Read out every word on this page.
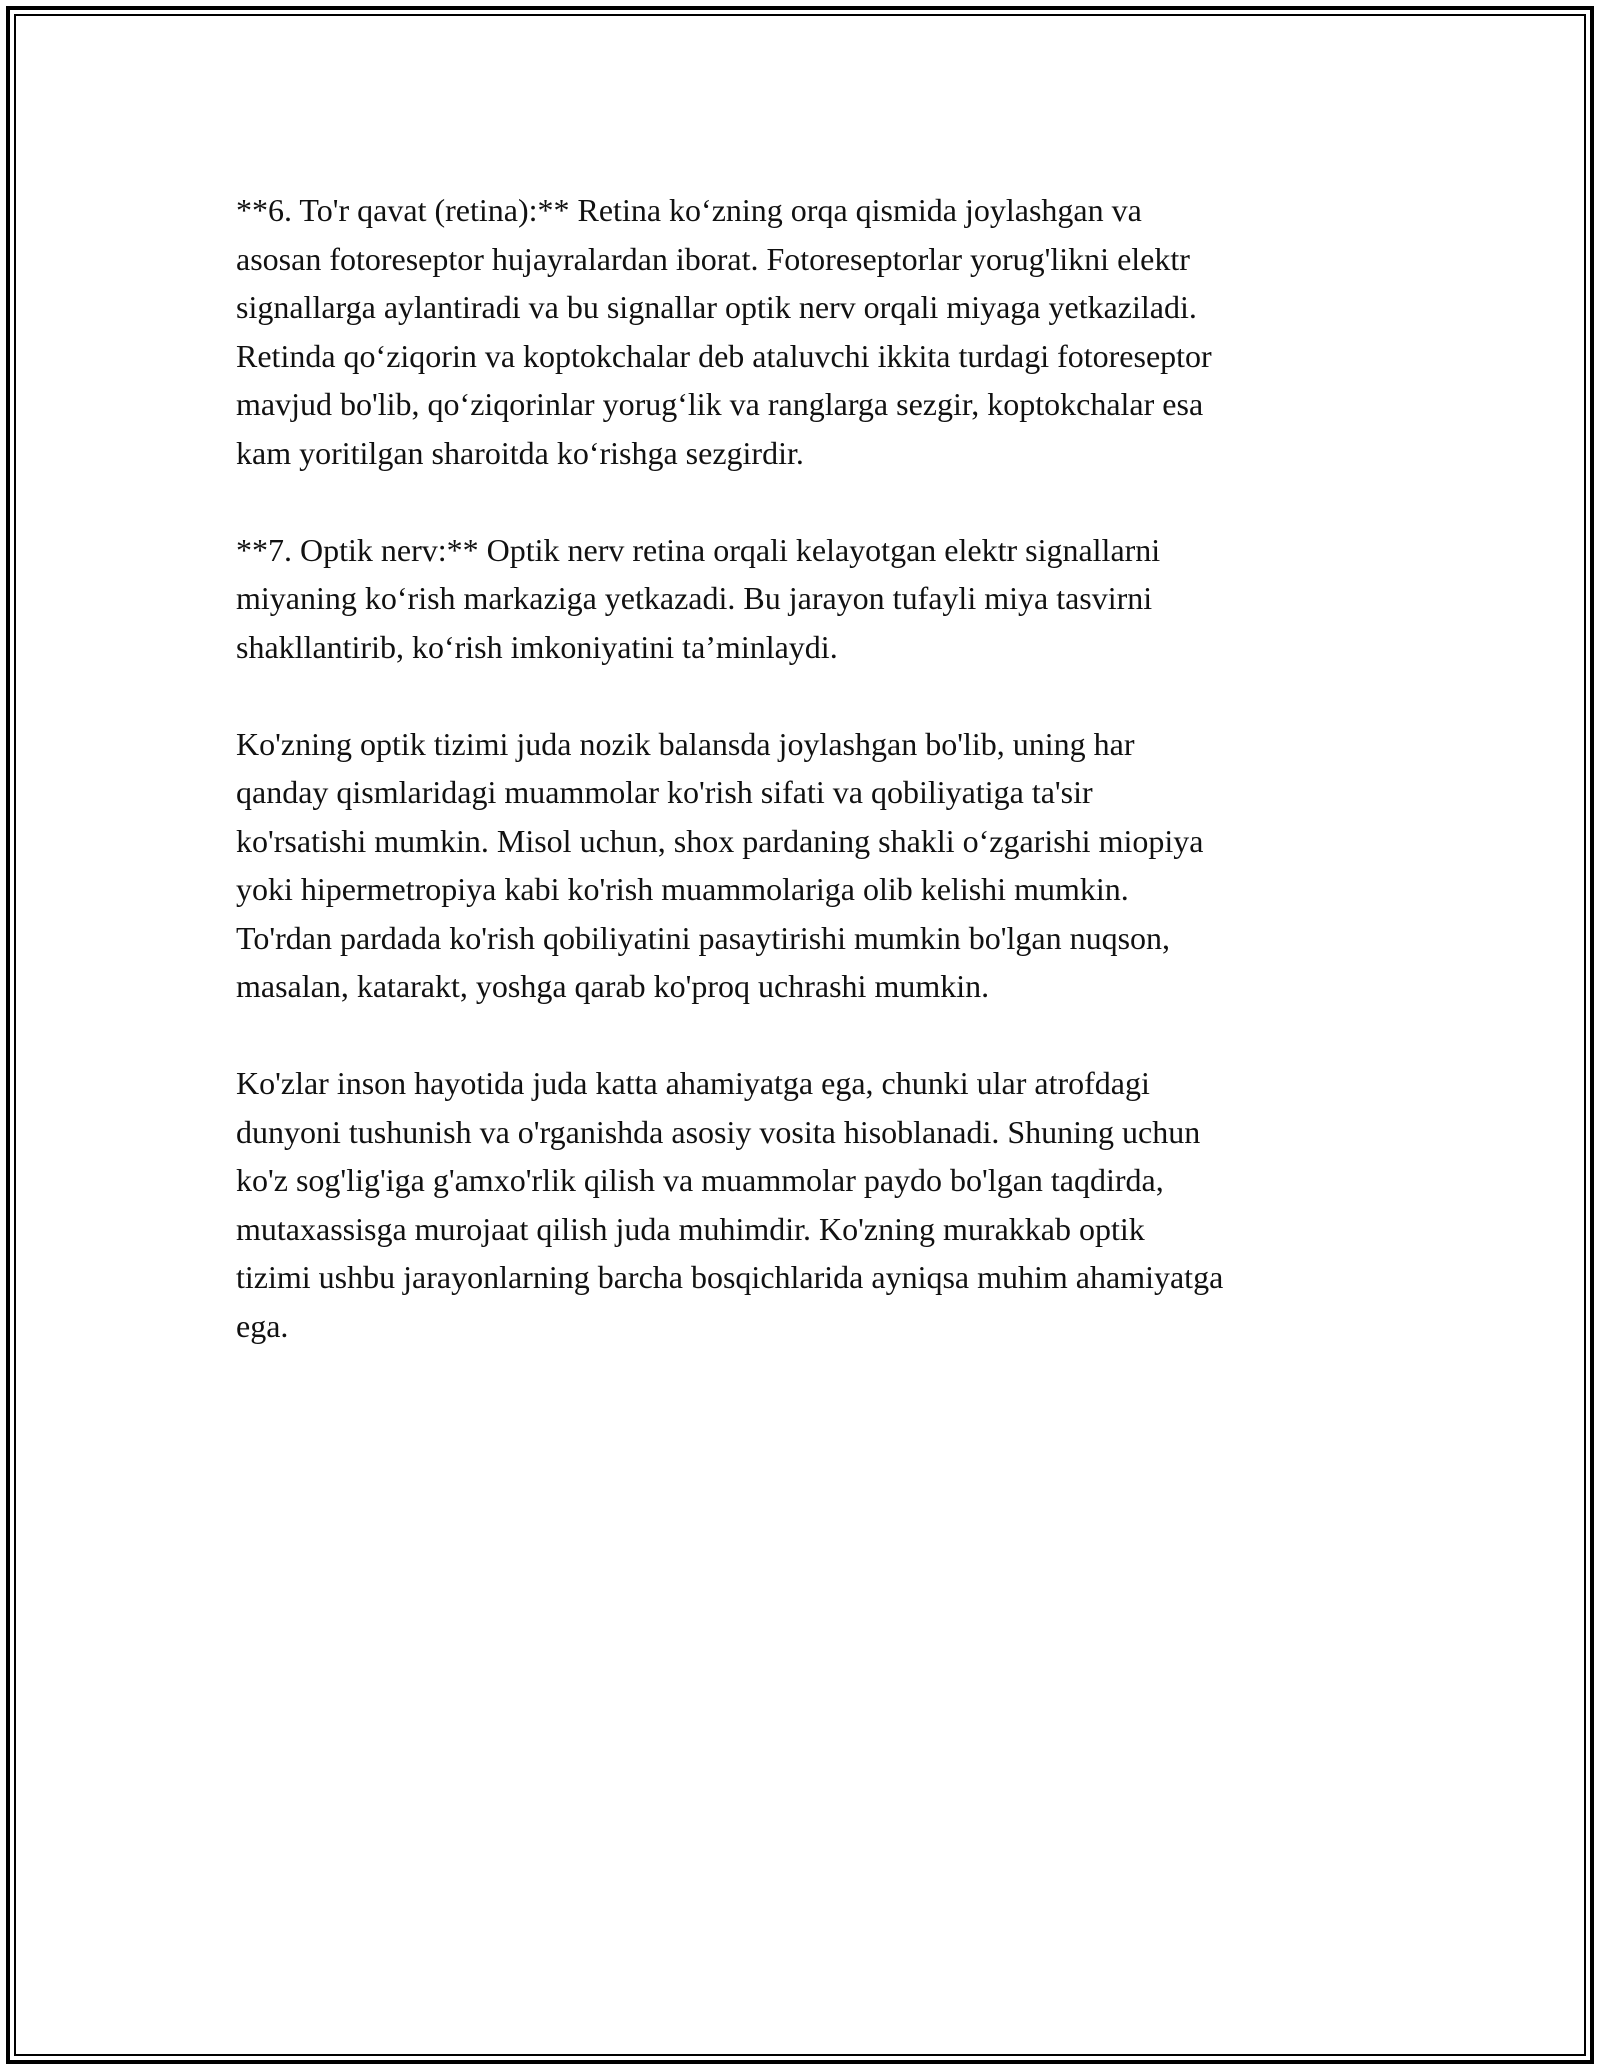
**6. To'r qavat (retina):** Retina ko‘zning orqa qismida joylashgan va
asosan fotoreseptor hujayralardan iborat. Fotoreseptorlar yorug'likni elektr
signallarga aylantiradi va bu signallar optik nerv orqali miyaga yetkaziladi.
Retinda qo‘ziqorin va koptokchalar deb ataluvchi ikkita turdagi fotoreseptor
mavjud bo'lib, qo‘ziqorinlar yorug‘lik va ranglarga sezgir, koptokchalar esa
kam yoritilgan sharoitda ko‘rishga sezgirdir.

**7. Optik nerv:** Optik nerv retina orqali kelayotgan elektr signallarni
miyaning ko‘rish markaziga yetkazadi. Bu jarayon tufayli miya tasvirni
shakllantirib, ko‘rish imkoniyatini ta’minlaydi.

Ko'zning optik tizimi juda nozik balansda joylashgan bo'lib, uning har
qanday qismlaridagi muammolar ko'rish sifati va qobiliyatiga ta'sir
ko'rsatishi mumkin. Misol uchun, shox pardaning shakli o‘zgarishi miopiya
yoki hipermetropiya kabi ko'rish muammolariga olib kelishi mumkin.
To'rdan pardada ko'rish qobiliyatini pasaytirishi mumkin bo'lgan nuqson,
masalan, katarakt, yoshga qarab ko'proq uchrashi mumkin.

Ko'zlar inson hayotida juda katta ahamiyatga ega, chunki ular atrofdagi
dunyoni tushunish va o'rganishda asosiy vosita hisoblanadi. Shuning uchun
ko'z sog'lig'iga g'amxo'rlik qilish va muammolar paydo bo'lgan taqdirda,
mutaxassisga murojaat qilish juda muhimdir. Ko'zning murakkab optik
tizimi ushbu jarayonlarning barcha bosqichlarida ayniqsa muhim ahamiyatga
ega.
